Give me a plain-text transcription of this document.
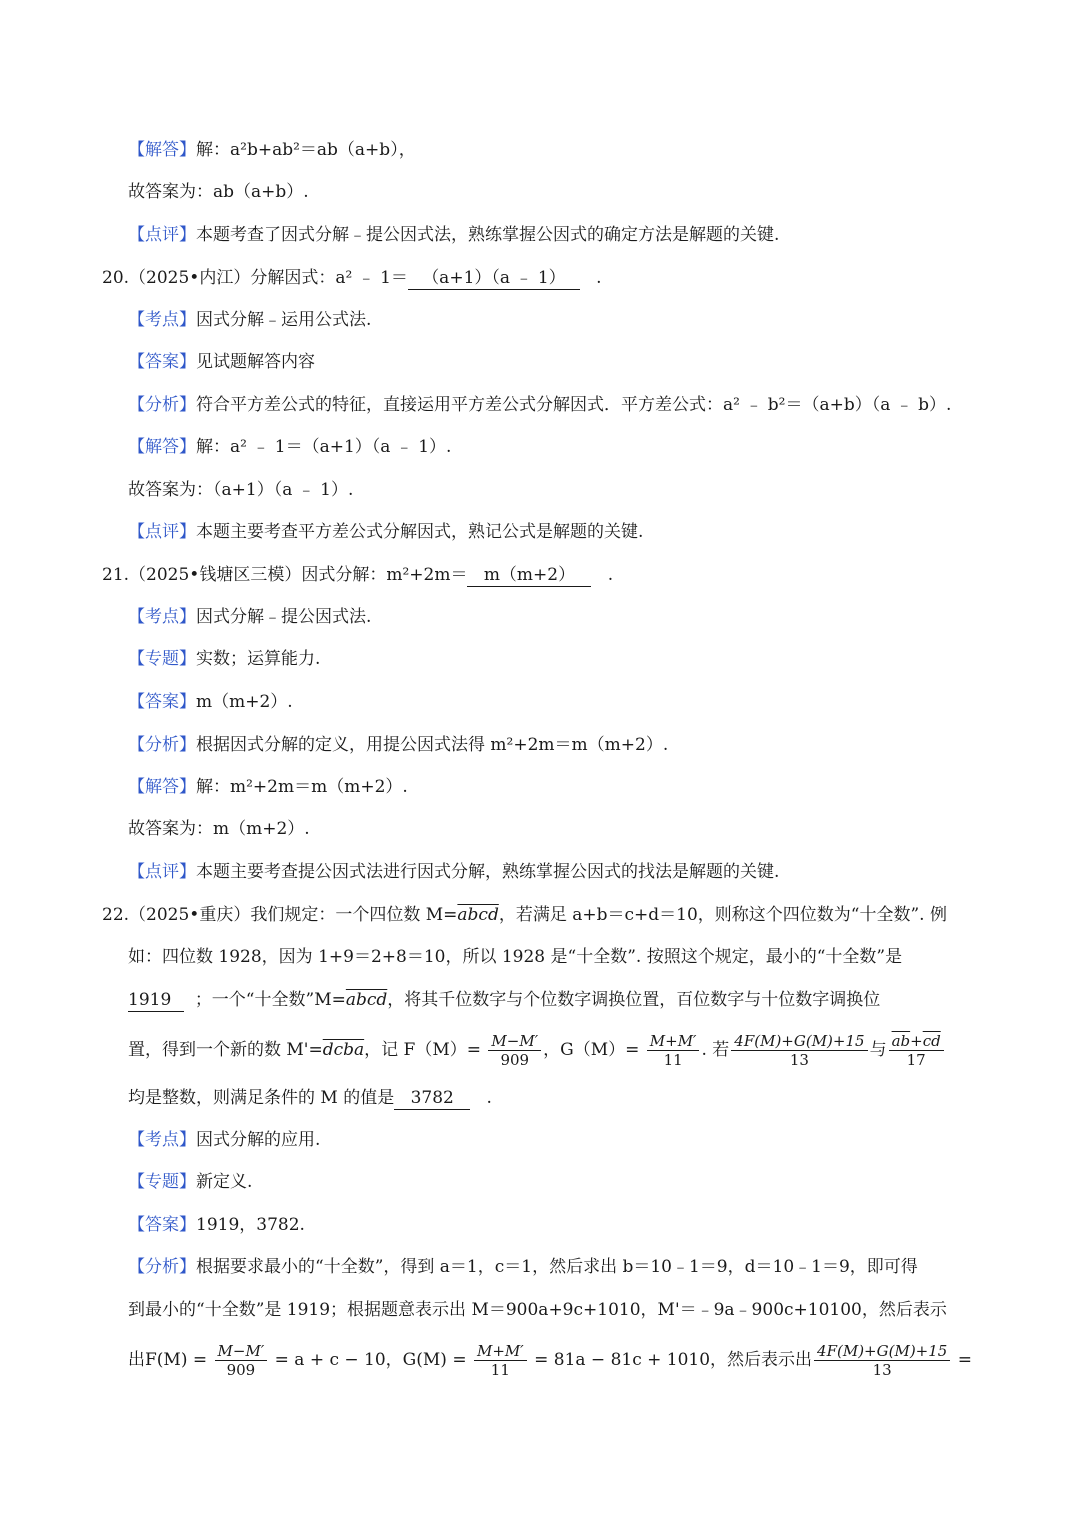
【解答】解：a²b+ab²＝ab（a+b），
故答案为：ab（a+b）.
【点评】本题考查了因式分解﹣提公因式法，熟练掌握公因式的确定方法是解题的关键.
20.（2025•内江）分解因式：a² ﹣ 1＝ （a+1）（a ﹣ 1） .
【考点】因式分解﹣运用公式法.
【答案】见试题解答内容
【分析】符合平方差公式的特征，直接运用平方差公式分解因式．平方差公式：a² ﹣ b²＝（a+b）（a ﹣ b）.
【解答】解：a² ﹣ 1＝（a+1）（a ﹣ 1）.
故答案为：（a+1）（a ﹣ 1）.
【点评】本题主要考查平方差公式分解因式，熟记公式是解题的关键.
21.（2025•钱塘区三模）因式分解：m²+2m＝ m（m+2） .
【考点】因式分解﹣提公因式法.
【专题】实数；运算能力.
【答案】m（m+2）.
【分析】根据因式分解的定义，用提公因式法得 m²+2m＝m（m+2）.
【解答】解：m²+2m＝m（m+2）.
故答案为：m（m+2）.
【点评】本题主要考查提公因式法进行因式分解，熟练掌握公因式的找法是解题的关键.
22.（2025•重庆）我们规定：一个四位数 M=abcd，若满足 a+b＝c+d＝10，则称这个四位数为“十全数”. 例
如：四位数 1928，因为 1+9＝2+8＝10，所以 1928 是“十全数”. 按照这个规定，最小的“十全数”是
1919 ；一个“十全数”M=abcd，将其千位数字与个位数字调换位置，百位数字与十位数字调换位
置，得到一个新的数 M'=dcba，记 $F(M)= \frac{M-M'}{909}$ ，$G(M)= \frac{M+M'}{11}$ . 若 $\frac{4F(M)+G(M)+15}{13}$ 与 $\frac{\overline{ab}+\overline{cd}}{17}$
均是整数，则满足条件的 M 的值是 3782 .
【考点】因式分解的应用.
【专题】新定义.
【答案】1919，3782.
【分析】根据要求最小的“十全数”，得到 a＝1，c＝1，然后求出 b＝10﹣1＝9，d＝10﹣1＝9，即可得
到最小的“十全数”是 1919；根据题意表示出 M＝900a+9c+1010，M'＝﹣9a﹣900c+10100，然后表示
出$F(M) = \frac{M-M'}{909} = a + c - 10$，$G(M) = \frac{M+M'}{11} = 81a - 81c + 1010$，然后表示出 $\frac{4F(M)+G(M)+15}{13}$ =
